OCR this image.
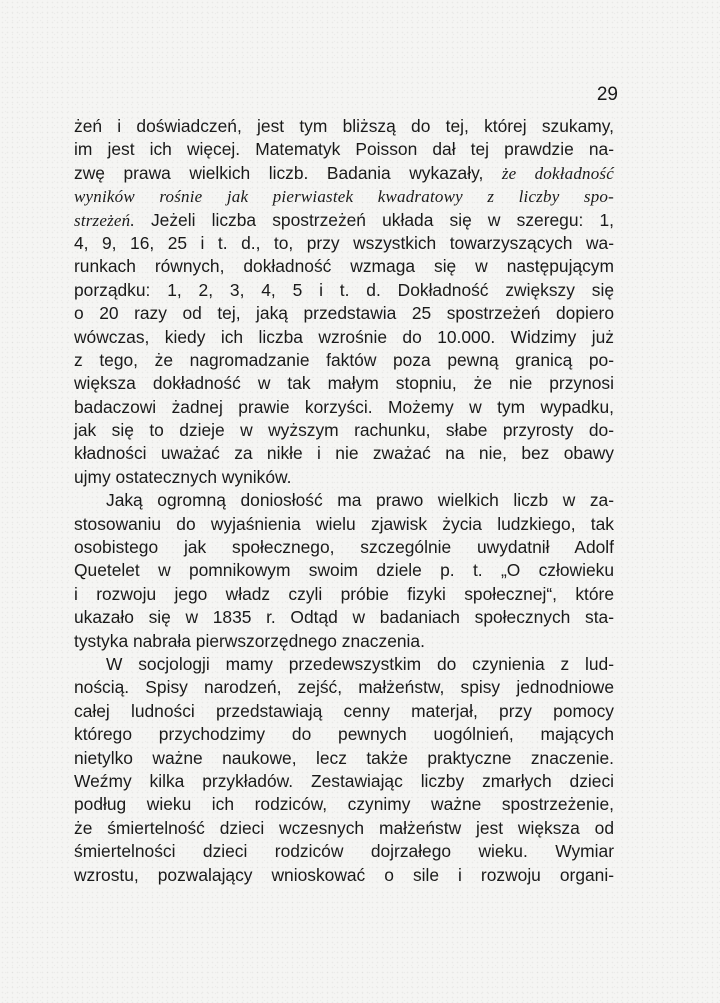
29
żeń i doświadczeń, jest tym bliższą do tej, której szukamy,
im jest ich więcej. Matematyk Poisson dał tej prawdzie na-
zwę prawa wielkich liczb. Badania wykazały, że dokładność
wyników rośnie jak pierwiastek kwadratowy z liczby spo-
strzeżeń. Jeżeli liczba spostrzeżeń układa się w szeregu: 1,
4, 9, 16, 25 i t. d., to, przy wszystkich towarzyszących wa-
runkach równych, dokładność wzmaga się w następującym
porządku: 1, 2, 3, 4, 5 i t. d. Dokładność zwiększy się
o 20 razy od tej, jaką przedstawia 25 spostrzeżeń dopiero
wówczas, kiedy ich liczba wzrośnie do 10.000. Widzimy już
z tego, że nagromadzanie faktów poza pewną granicą po-
większa dokładność w tak małym stopniu, że nie przynosi
badaczowi żadnej prawie korzyści. Możemy w tym wypadku,
jak się to dzieje w wyższym rachunku, słabe przyrosty do-
kładności uważać za nikłe i nie zważać na nie, bez obawy
ujmy ostatecznych wyników.
Jaką ogromną doniosłość ma prawo wielkich liczb w za-
stosowaniu do wyjaśnienia wielu zjawisk życia ludzkiego, tak
osobistego jak społecznego, szczególnie uwydatnił Adolf
Quetelet w pomnikowym swoim dziele p. t. „O człowieku
i rozwoju jego władz czyli próbie fizyki społecznej“, które
ukazało się w 1835 r. Odtąd w badaniach społecznych sta-
tystyka nabrała pierwszorzędnego znaczenia.
W socjologji mamy przedewszystkim do czynienia z lud-
nością. Spisy narodzeń, zejść, małżeństw, spisy jednodniowe
całej ludności przedstawiają cenny materjał, przy pomocy
którego przychodzimy do pewnych uogólnień, mających
nietylko ważne naukowe, lecz także praktyczne znaczenie.
Weźmy kilka przykładów. Zestawiając liczby zmarłych dzieci
podług wieku ich rodziców, czynimy ważne spostrzeżenie,
że śmiertelność dzieci wczesnych małżeństw jest większa od
śmiertelności dzieci rodziców dojrzałego wieku. Wymiar
wzrostu, pozwalający wnioskować o sile i rozwoju organi-
